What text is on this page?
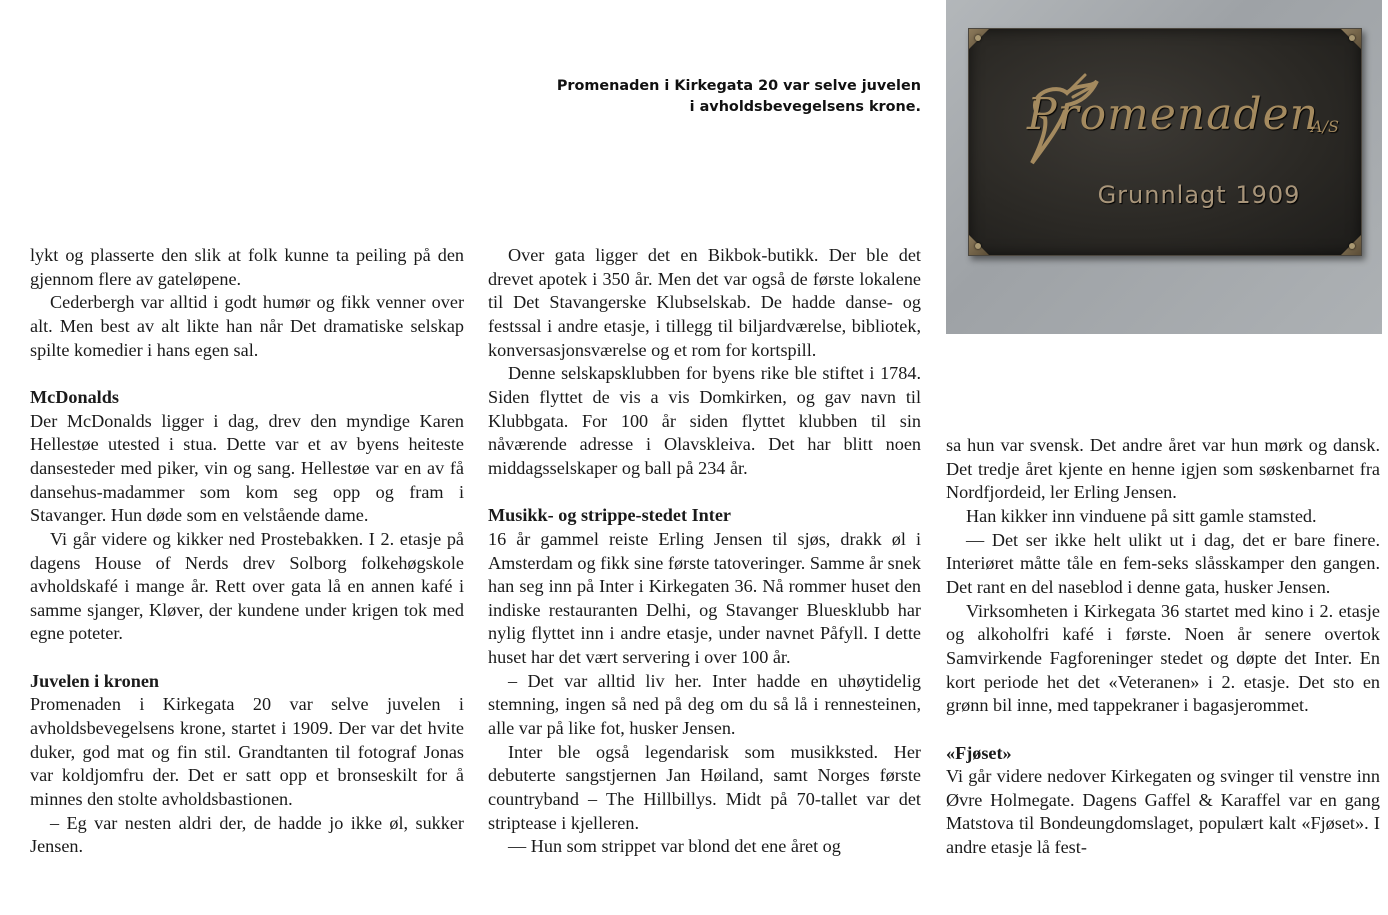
Promenaden i Kirkegata 20 var selve juvelen
i avholdsbevegelsens krone. Promenaden
A/S
Grunnlagt 1909

lykt og plasserte den slik at folk kunne ta peiling på den gjennom flere av gateløpene.

Cederbergh var alltid i godt humør og fikk venner over alt. Men best av alt likte han når Det dramatiske selskap spilte komedier i hans egen sal.

McDonalds

Der McDonalds ligger i dag, drev den myndige Karen Hellestøe utested i stua. Dette var et av byens heiteste dansesteder med piker, vin og sang. Hellestøe var en av få dansehus-madammer som kom seg opp og fram i Stavanger. Hun døde som en velstående dame.

Vi går videre og kikker ned Prostebakken. I 2. etasje på dagens House of Nerds drev Solborg folkehøgskole avholdskafé i mange år. Rett over gata lå en annen kafé i samme sjanger, Kløver, der kundene under krigen tok med egne poteter.

Juvelen i kronen

Promenaden i Kirkegata 20 var selve juvelen i avholdsbevegelsens krone, startet i 1909. Der var det hvite duker, god mat og fin stil. Grandtanten til fotograf Jonas var koldjomfru der. Det er satt opp et bronseskilt for å minnes den stolte avholdsbastionen.

– Eg var nesten aldri der, de hadde jo ikke øl, sukker Jensen.

Over gata ligger det en Bikbok-butikk. Der ble det drevet apotek i 350 år. Men det var også de første lokalene til Det Stavangerske Klubselskab. De hadde danse- og festssal i andre etasje, i tillegg til biljardværelse, bibliotek, konversasjonsværelse og et rom for kortspill.

Denne selskapsklubben for byens rike ble stiftet i 1784. Siden flyttet de vis a vis Domkirken, og gav navn til Klubbgata. For 100 år siden flyttet klubben til sin nåværende adresse i Olavskleiva. Det har blitt noen middagsselskaper og ball på 234 år.

Musikk- og strippe-stedet Inter

16 år gammel reiste Erling Jensen til sjøs, drakk øl i Amsterdam og fikk sine første tatoveringer. Samme år snek han seg inn på Inter i Kirkegaten 36. Nå rommer huset den indiske restauranten Delhi, og Stavanger Bluesklubb har nylig flyttet inn i andre etasje, under navnet Påfyll. I dette huset har det vært servering i over 100 år.

– Det var alltid liv her. Inter hadde en uhøytidelig stemning, ingen så ned på deg om du så lå i rennesteinen, alle var på like fot, husker Jensen.

Inter ble også legendarisk som musikksted. Her debuterte sangstjernen Jan Høiland, samt Norges første countryband – The Hillbillys. Midt på 70-tallet var det striptease i kjelleren.

— Hun som strippet var blond det ene året og

sa hun var svensk. Det andre året var hun mørk og dansk. Det tredje året kjente en henne igjen som søskenbarnet fra Nordfjordeid, ler Erling Jensen.

Han kikker inn vinduene på sitt gamle stamsted.

— Det ser ikke helt ulikt ut i dag, det er bare finere. Interiøret måtte tåle en fem-seks slåsskamper den gangen. Det rant en del naseblod i denne gata, husker Jensen.

Virksomheten i Kirkegata 36 startet med kino i 2. etasje og alkoholfri kafé i første. Noen år senere overtok Samvirkende Fagforeninger stedet og døpte det Inter. En kort periode het det «Veteranen» i 2. etasje. Det sto en grønn bil inne, med tappekraner i bagasjerommet.

«Fjøset»

Vi går videre nedover Kirkegaten og svinger til venstre inn Øvre Holmegate. Dagens Gaffel & Karaffel var en gang Matstova til Bondeungdomslaget, populært kalt «Fjøset». I andre etasje lå fest-
